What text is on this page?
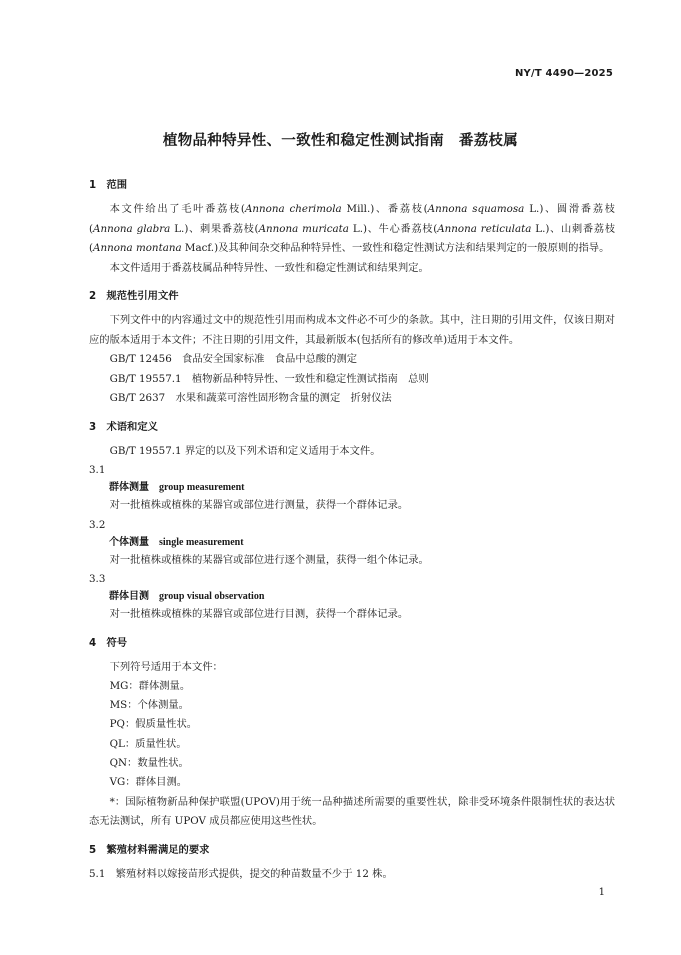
NY/T 4490—2025
植物品种特异性、一致性和稳定性测试指南　番荔枝属
1　范围

本文件给出了毛叶番荔枝(Annona cherimola Mill.)、番荔枝(Annona squamosa L.)、圆滑番荔枝(Annona glabra L.)、刺果番荔枝(Annona muricata L.)、牛心番荔枝(Annona reticulata L.)、山刺番荔枝(Annona montana Macf.)及其种间杂交种品种特异性、一致性和稳定性测试方法和结果判定的一般原则的指导。

本文件适用于番荔枝属品种特异性、一致性和稳定性测试和结果判定。

2　规范性引用文件

下列文件中的内容通过文中的规范性引用而构成本文件必不可少的条款。其中，注日期的引用文件，仅该日期对应的版本适用于本文件；不注日期的引用文件，其最新版本(包括所有的修改单)适用于本文件。

GB/T 12456　食品安全国家标准　食品中总酸的测定
GB/T 19557.1　植物新品种特异性、一致性和稳定性测试指南　总则
GB/T 2637　水果和蔬菜可溶性固形物含量的测定　折射仪法
3　术语和定义

GB/T 19557.1 界定的以及下列术语和定义适用于本文件。

3.1
群体测量 group measurement

对一批植株或植株的某器官或部位进行测量，获得一个群体记录。

3.2
个体测量 single measurement

对一批植株或植株的某器官或部位进行逐个测量，获得一组个体记录。

3.3
群体目测 group visual observation

对一批植株或植株的某器官或部位进行目测，获得一个群体记录。

4　符号
下列符号适用于本文件：
MG：群体测量。
MS：个体测量。
PQ：假质量性状。
QL：质量性状。
QN：数量性状。
VG：群体目测。

*：国际植物新品种保护联盟(UPOV)用于统一品种描述所需要的重要性状，除非受环境条件限制性状的表达状态无法测试，所有 UPOV 成员都应使用这些性状。

5　繁殖材料需满足的要求
5.1　繁殖材料以嫁接苗形式提供，提交的种苗数量不少于 12 株。
1
